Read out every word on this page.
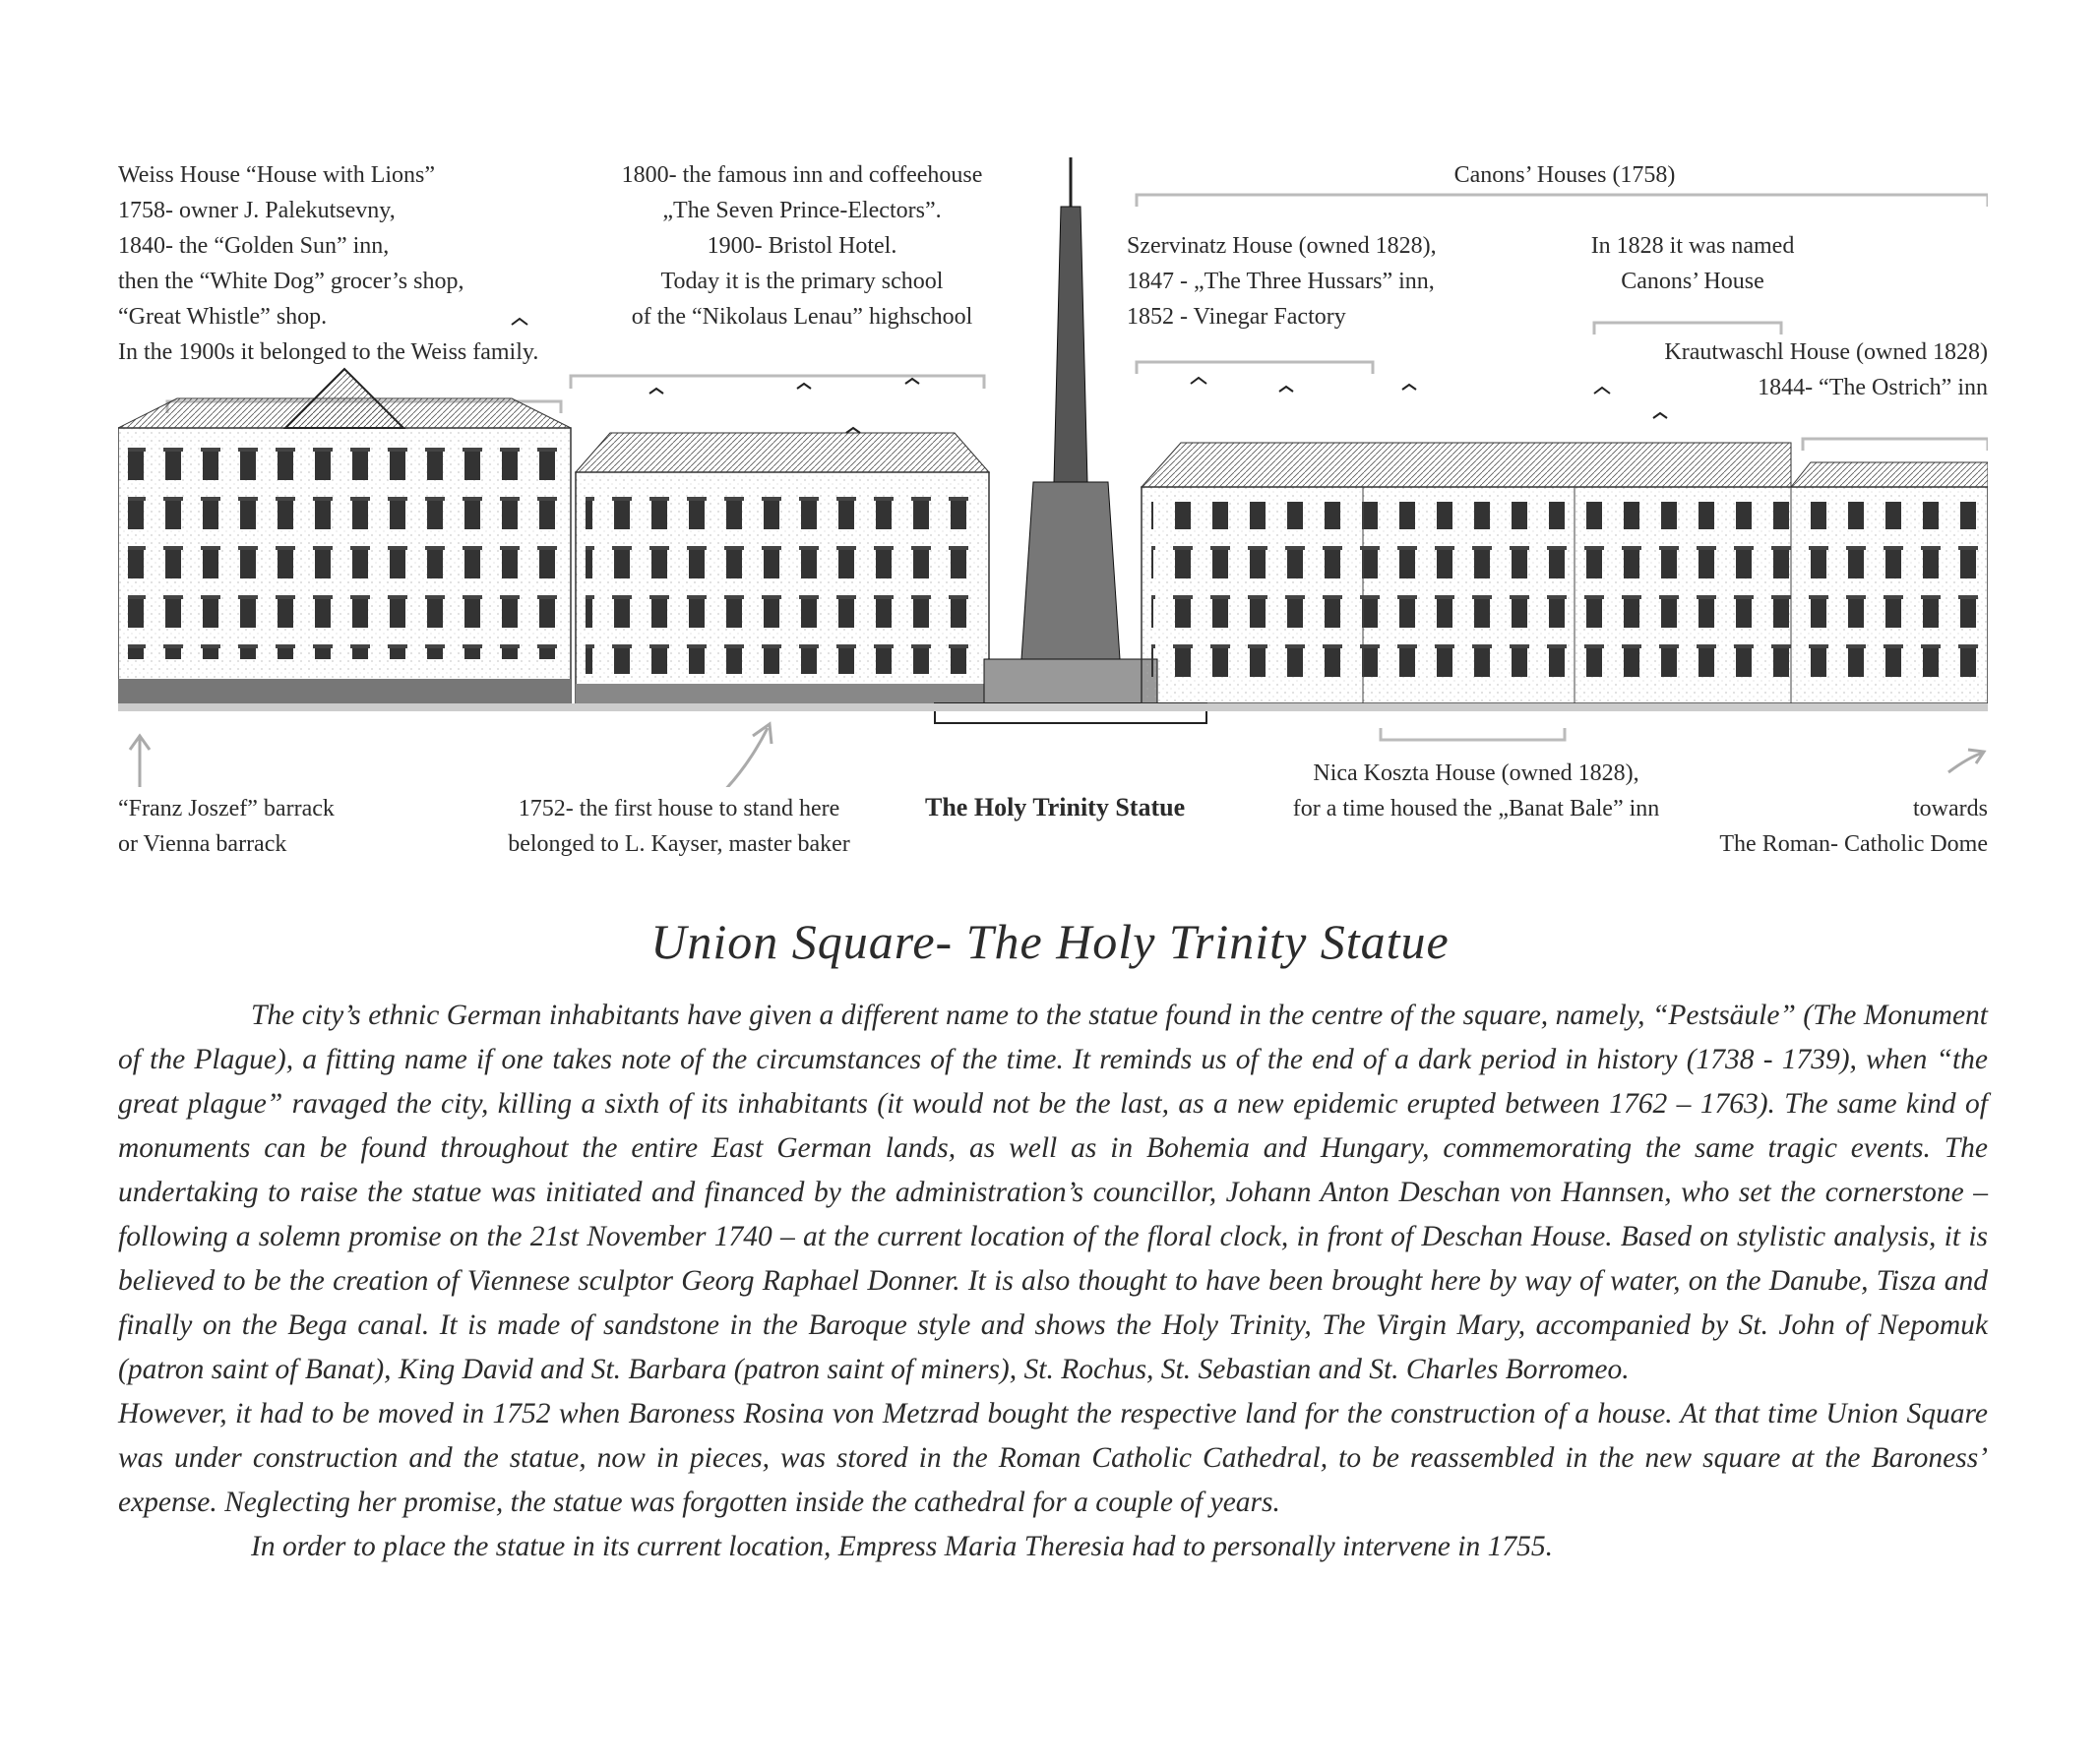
Weiss House “House with Lions”
1758- owner J. Palekutsevny,
1840- the “Golden Sun” inn,
then the “White Dog” grocer’s shop,
“Great Whistle” shop.
In the 1900s it belonged to the Weiss family.
1800- the famous inn and coffeehouse
„The Seven Prince-Electors”.
1900- Bristol Hotel.
Today it is the primary school
of the “Nikolaus Lenau” highschool
Canons’ Houses (1758)
Szervinatz House (owned 1828),
1847 - „The Three Hussars” inn,
1852 - Vinegar Factory
In 1828 it was named
Canons’ House
Krautwaschl House (owned 1828)
1844- “The Ostrich” inn
“Franz Joszef” barrack
or Vienna barrack
1752- the first house to stand here
belonged to L. Kayser, master baker
The Holy Trinity Statue
Nica Koszta House (owned 1828),
for a time housed the „Banat Bale” inn	towards
The Roman- Catholic Dome
Union Square- The Holy Trinity Statue

The city’s ethnic German inhabitants have given a different name to the statue found in the centre of the square, namely, “Pestsäule” (The Monument of the Plague), a fitting name if one takes note of the circumstances of the time. It reminds us of the end of a dark period in history (1738 - 1739), when “the great plague” ravaged the city, killing a sixth of its inhabitants (it would not be the last, as a new epidemic erupted between 1762 – 1763). The same kind of monuments can be found throughout the entire East German lands, as well as in Bohemia and Hungary, commemorating the same tragic events. The undertaking to raise the statue was initiated and financed by the administration’s councillor, Johann Anton Deschan von Hannsen, who set the cornerstone – following a solemn promise on the 21st November 1740 – at the current location of the floral clock, in front of Deschan House. Based on stylistic analysis, it is believed to be the creation of Viennese sculptor Georg Raphael Donner. It is also thought to have been brought here by way of water, on the Danube, Tisza and finally on the Bega canal. It is made of sandstone in the Baroque style and shows the Holy Trinity, The Virgin Mary, accompanied by St. John of Nepomuk (patron saint of Banat), King David and St. Barbara (patron saint of miners), St. Rochus, St. Sebastian and St. Charles Borromeo.

However, it had to be moved in 1752 when Baroness Rosina von Metzrad bought the respective land for the construction of a house. At that time Union Square was under construction and the statue, now in pieces, was stored in the Roman Catholic Cathedral, to be reassembled in the new square at the Baroness’ expense. Neglecting her promise, the statue was forgotten inside the cathedral for a couple of years.

In order to place the statue in its current location, Empress Maria Theresia had to personally intervene in 1755.
